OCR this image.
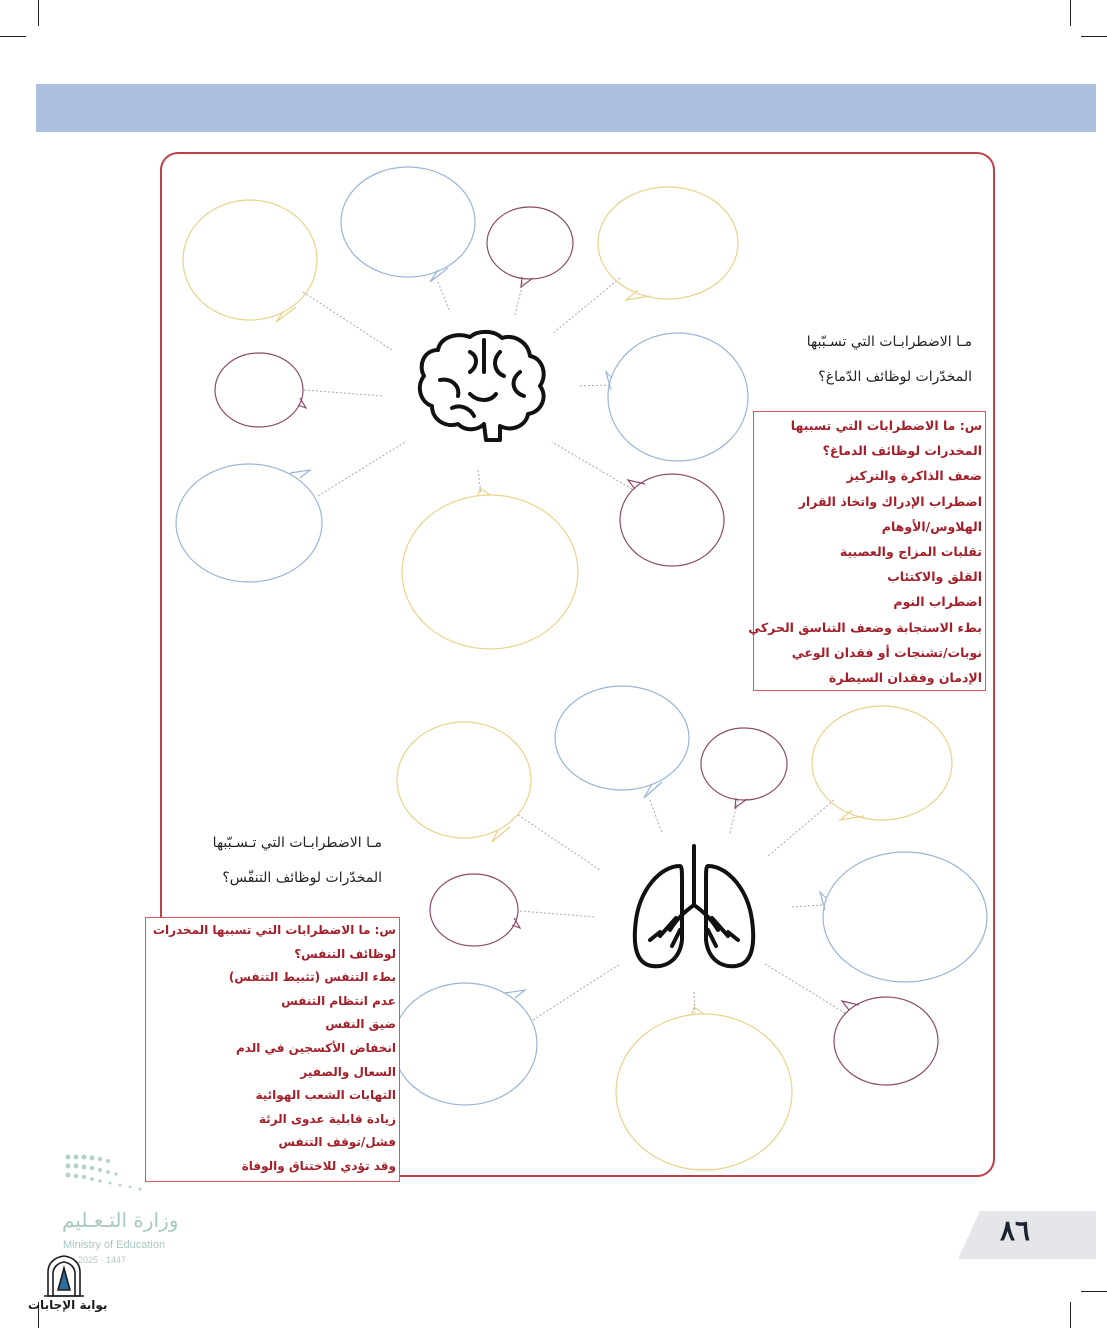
مـا الاضطرابـات التي تسـبّبها
المخدّرات لوظائف الدّماغ؟
س: ما الاضطرابات التي تسببها
المخدرات لوظائف الدماغ؟
ضعف الذاكرة والتركيز
اضطراب الإدراك واتخاذ القرار
الهلاوس/الأوهام
تقلبات المزاج والعصبية
القلق والاكتئاب
اضطراب النوم
بطء الاستجابة وضعف التناسق الحركي
نوبات/تشنجات أو فقدان الوعي
الإدمان وفقدان السيطرة
مـا الاضطرابـات التي تـسـبّبها
المخدّرات لوظائف التنفّس؟
س: ما الاضطرابات التي تسببها المخدرات
لوظائف التنفس؟
بطء التنفس (تثبيط التنفس)
عدم انتظام التنفس
ضيق النفس
انخفاض الأكسجين في الدم
السعال والصفير
التهابات الشعب الهوائية
زيادة قابلية عدوى الرئة
فشل/توقف التنفس
وقد تؤدي للاختناق والوفاة
وزارة التـعـليم
Ministry of Education
2025 - 1447
بوابة الإجابات
٨٦
